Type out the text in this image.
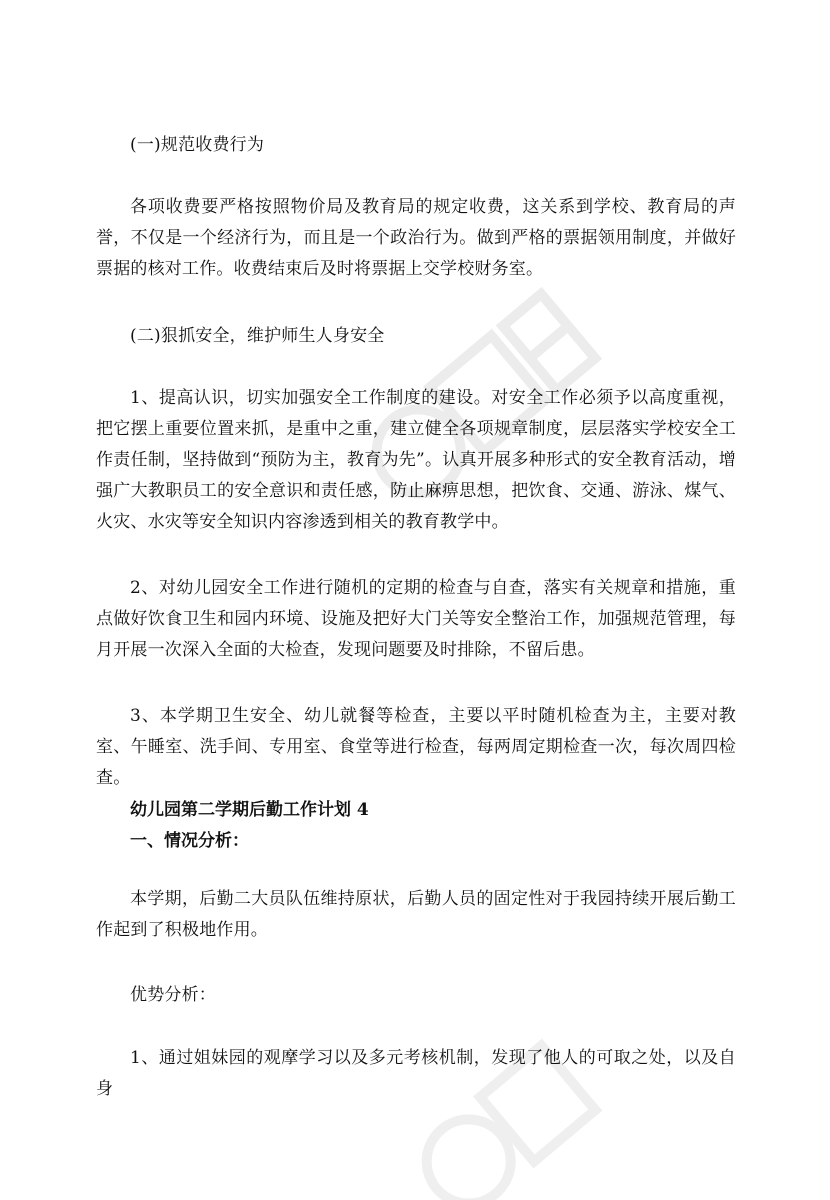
(一)规范收费行为

各项收费要严格按照物价局及教育局的规定收费，这关系到学校、教育局的声誉，不仅是一个经济行为，而且是一个政治行为。做到严格的票据领用制度，并做好票据的核对工作。收费结束后及时将票据上交学校财务室。

(二)狠抓安全，维护师生人身安全

1、提高认识，切实加强安全工作制度的建设。对安全工作必须予以高度重视，把它摆上重要位置来抓，是重中之重，建立健全各项规章制度，层层落实学校安全工作责任制，坚持做到“预防为主，教育为先”。认真开展多种形式的安全教育活动，增强广大教职员工的安全意识和责任感，防止麻痹思想，把饮食、交通、游泳、煤气、火灾、水灾等安全知识内容渗透到相关的教育教学中。

2、对幼儿园安全工作进行随机的定期的检查与自查，落实有关规章和措施，重点做好饮食卫生和园内环境、设施及把好大门关等安全整治工作，加强规范管理，每月开展一次深入全面的大检查，发现问题要及时排除，不留后患。

3、本学期卫生安全、幼儿就餐等检查，主要以平时随机检查为主，主要对教室、午睡室、洗手间、专用室、食堂等进行检查，每两周定期检查一次，每次周四检查。

幼儿园第二学期后勤工作计划 4

一、情况分析：

本学期，后勤二大员队伍维持原状，后勤人员的固定性对于我园持续开展后勤工作起到了积极地作用。

优势分析：

1、通过姐妹园的观摩学习以及多元考核机制，发现了他人的可取之处，以及自身
